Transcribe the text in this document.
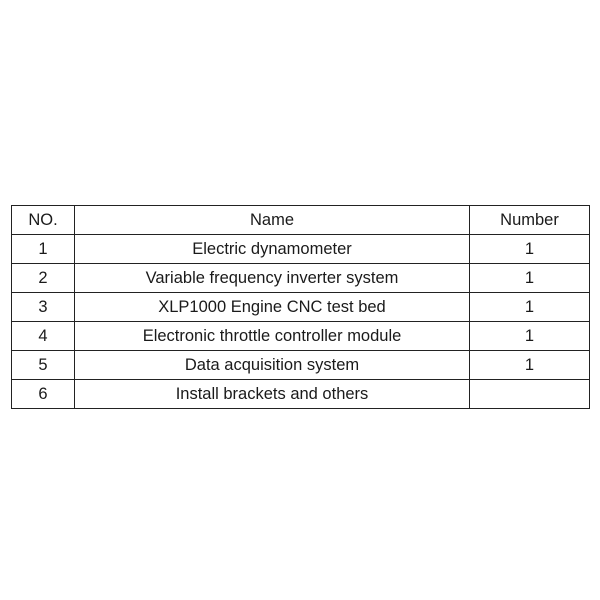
NO.	Name	Number
1	Electric dynamometer	1
2	Variable frequency inverter system	1
3	XLP1000 Engine CNC test bed	1
4	Electronic throttle controller module	1
5	Data acquisition system	1
6	Install brackets and others	
